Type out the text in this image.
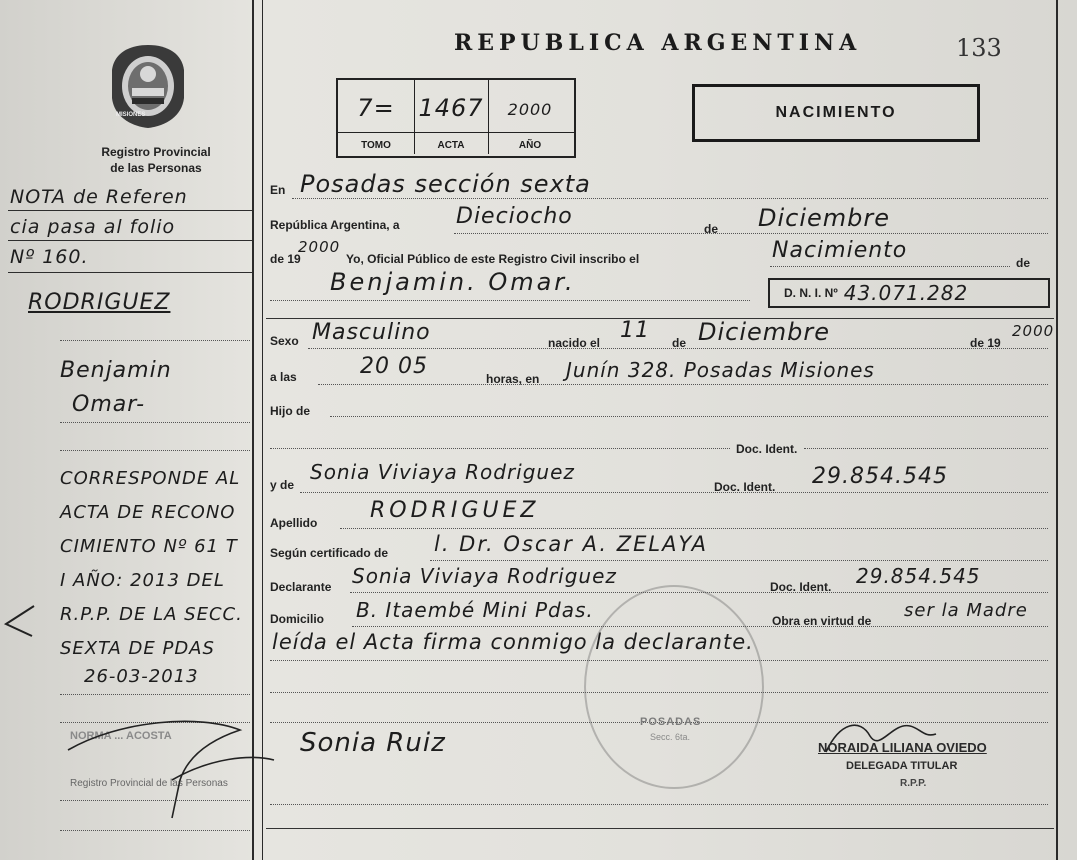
REPUBLICA ARGENTINA	133
MISIONES
Registro Provincial
de las Personas
7=
TOMO
1467
ACTA
2000
AÑO
NACIMIENTO
NOTA de Referen
cia pasa al folio
Nº 160.
RODRIGUEZ
Benjamin
Omar-
CORRESPONDE AL
ACTA DE RECONO
CIMIENTO Nº 61 T
I AÑO: 2013 DEL
R.P.P. DE LA SECC.
SEXTA DE PDAS
26-03-2013
NORMA ... ACOSTA
Registro Provincial de las Personas
En Posadas sección sexta
República Argentina, a	Dieciocho	de Diciembre
de 19
2000
Yo, Oficial Público de este Registro Civil inscribo el	Nacimiento	de
Benjamin. Omar.	D. N. I. Nº 43.071.282
Sexo Masculino	nacido el 11 de Diciembre	de 19
2000
a las	20 05	horas, en Junín 328. Posadas Misiones
Hijo de
Doc. Ident.
y de
Sonia Viviaya Rodriguez
Doc. Ident. 29.854.545
Apellido RODRIGUEZ
Según certificado de l. Dr. Oscar A. ZELAYA
Declarante Sonia Viviaya Rodriguez	Doc. Ident. 29.854.545
Domicilio B. Itaembé Mini Pdas.	Obra en virtud de ser la Madre
leída el Acta firma conmigo la declarante.
POSADAS
Secc. 6ta.
Sonia Ruiz	NORAIDA LILIANA OVIEDO
DELEGADA TITULAR
R.P.P.
